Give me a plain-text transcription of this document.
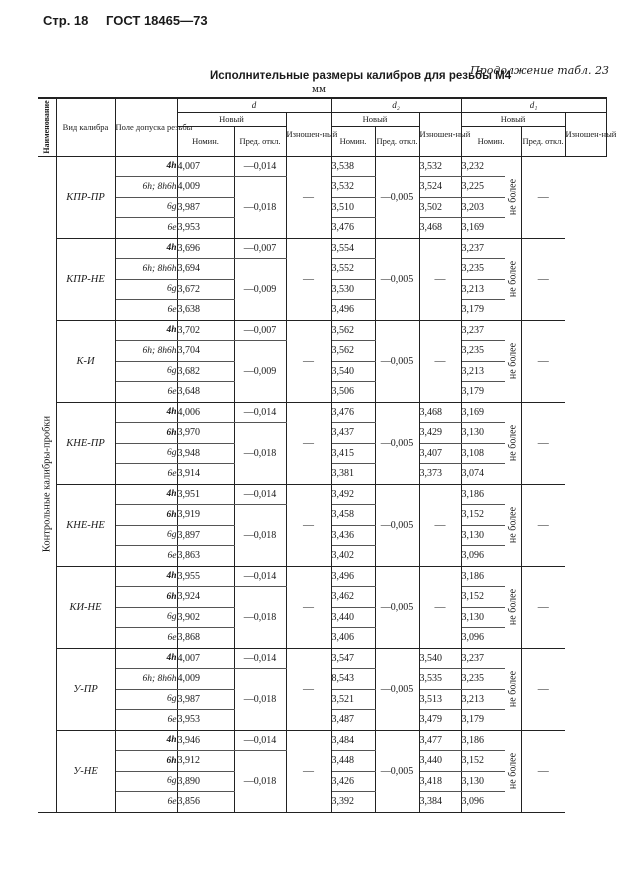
Стр. 18 ГОСТ 18465—73
Продолжение табл. 23
Исполнительные размеры калибров для резьбы М4
мм
Наименование	Вид калибра	Поле допуска резьбы	d			d₂			d₁			
			Новый		Изношен-ный	Новый		Изношен-ный	Новый			Изношен-ный
			Номин.	Пред. откл.		Номин.	Пред. откл.		Номин.		Пред. откл.	

Контрольные калибры-пробки	КПР-ПР	4h	4,007	—0,014	—	3,538	—0,005	3,532	3,232	не более	—	
		6h; 8h6h	4,009	—0,018		3,532		3,524	3,225			
		6g	3,987			3,510		3,502	3,203			
		6e	3,953			3,476		3,468	3,169			
	КПР-НЕ	4h	3,696	—0,007	—	3,554	—0,005	—	3,237	не более	—	
		6h; 8h6h	3,694	—0,009		3,552			3,235			
		6g	3,672			3,530			3,213			
		6e	3,638			3,496			3,179			
	К-И	4h	3,702	—0,007	—	3,562	—0,005	—	3,237	не более	—	
		6h; 8h6h	3,704	—0,009		3,562			3,235			
		6g	3,682			3,540			3,213			
		6e	3,648			3,506			3,179			
	КНЕ-ПР	4h	4,006	—0,014	—	3,476	—0,005	3,468	3,169	не более	—	
		6h	3,970	—0,018		3,437		3,429	3,130			
		6g	3,948			3,415		3,407	3,108			
		6e	3,914			3,381		3,373	3,074			
	КНЕ-НЕ	4h	3,951	—0,014	—	3,492	—0,005	—	3,186	не более	—	
		6h	3,919	—0,018		3,458			3,152			
		6g	3,897			3,436			3,130			
		6e	3,863			3,402			3,096			
	КИ-НЕ	4h	3,955	—0,014	—	3,496	—0,005	—	3,186	не более	—	
		6h	3,924	—0,018		3,462			3,152			
		6g	3,902			3,440			3,130			
		6e	3,868			3,406			3,096			
	У-ПР	4h	4,007	—0,014	—	3,547	—0,005	3,540	3,237	не более	—	
		6h; 8h6h	4,009	—0,018		8,543		3,535	3,235			
		6g	3,987			3,521		3,513	3,213			
		6e	3,953			3,487		3,479	3,179			
	У-НЕ	4h	3,946	—0,014	—	3,484	—0,005	3,477	3,186	не более	—	
		6h	3,912	—0,018		3,448		3,440	3,152			
		6g	3,890			3,426		3,418	3,130			
		6e	3,856			3,392		3,384	3,096			
